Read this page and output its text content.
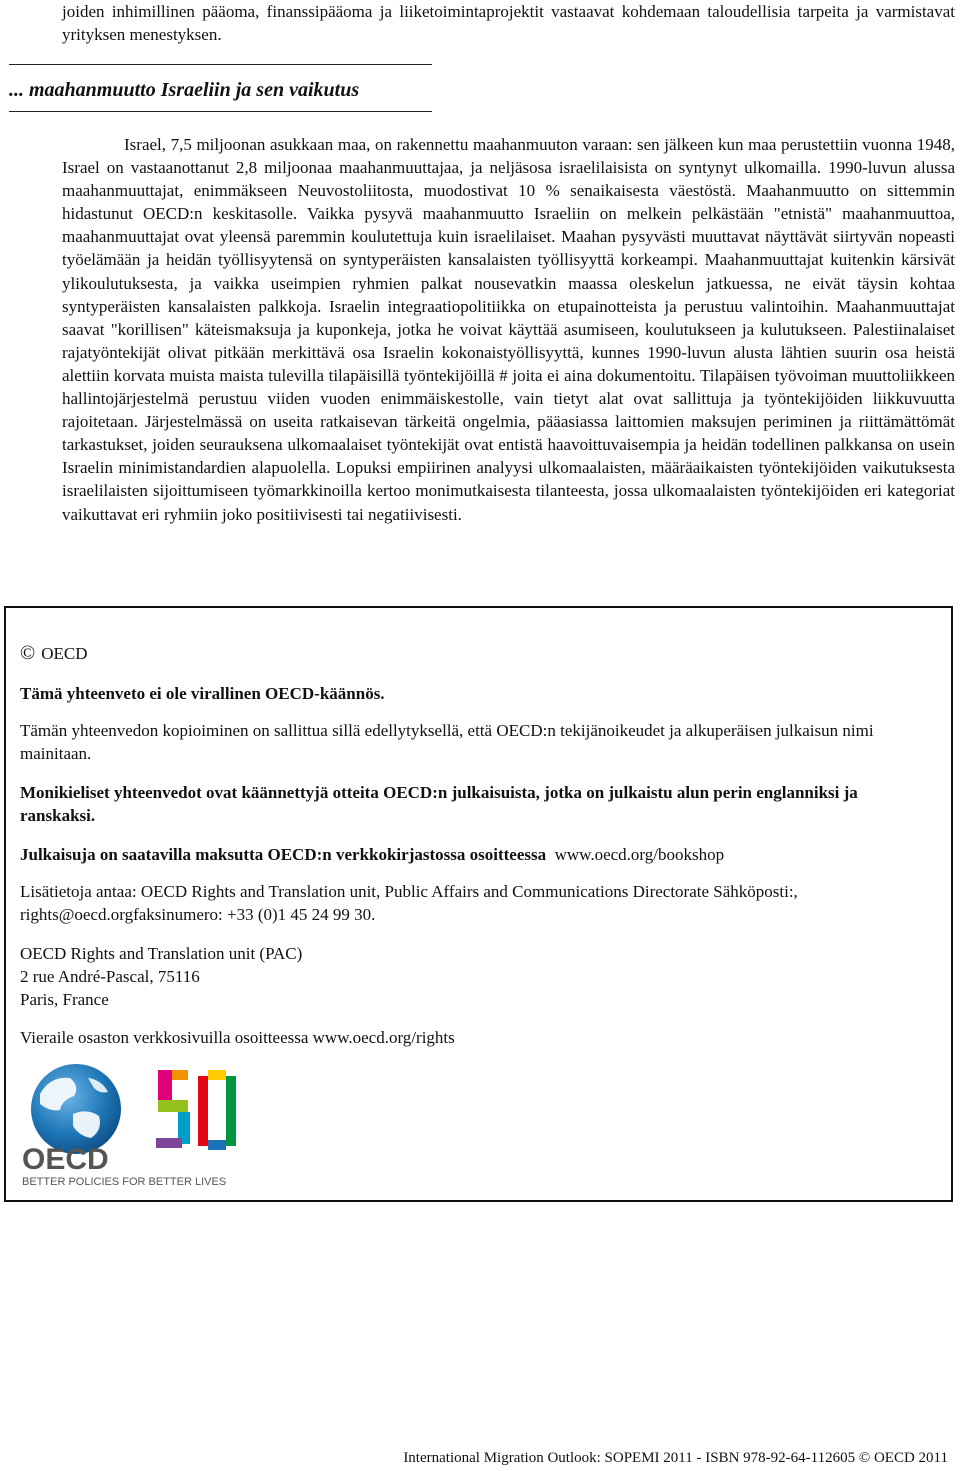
joiden inhimillinen pääoma, finanssipääoma ja liiketoimintaprojektit vastaavat kohdemaan taloudellisia tarpeita ja varmistavat yrityksen menestyksen.

... maahanmuutto Israeliin ja sen vaikutus

Israel, 7,5 miljoonan asukkaan maa, on rakennettu maahanmuuton varaan: sen jälkeen kun maa perustettiin vuonna 1948, Israel on vastaanottanut 2,8 miljoonaa maahanmuuttajaa, ja neljäsosa israelilaisista on syntynyt ulkomailla. 1990-luvun alussa maahanmuuttajat, enimmäkseen Neuvostoliitosta, muodostivat 10 % senaikaisesta väestöstä. Maahanmuutto on sittemmin hidastunut OECD:n keskitasolle. Vaikka pysyvä maahanmuutto Israeliin on melkein pelkästään "etnistä" maahanmuuttoa, maahanmuuttajat ovat yleensä paremmin koulutettuja kuin israelilaiset. Maahan pysyvästi muuttavat näyttävät siirtyvän nopeasti työelämään ja heidän työllisyytensä on syntyperäisten kansalaisten työllisyyttä korkeampi. Maahanmuuttajat kuitenkin kärsivät ylikoulutuksesta, ja vaikka useimpien ryhmien palkat nousevatkin maassa oleskelun jatkuessa, ne eivät täysin kohtaa syntyperäisten kansalaisten palkkoja. Israelin integraatiopolitiikka on etupainotteista ja perustuu valintoihin. Maahanmuuttajat saavat "korillisen" käteismaksuja ja kuponkeja, jotka he voivat käyttää asumiseen, koulutukseen ja kulutukseen. Palestiinalaiset rajatyöntekijät olivat pitkään merkittävä osa Israelin kokonaistyöllisyyttä, kunnes 1990-luvun alusta lähtien suurin osa heistä alettiin korvata muista maista tulevilla tilapäisillä työntekijöillä # joita ei aina dokumentoitu. Tilapäisen työvoiman muuttoliikkeen hallintojärjestelmä perustuu viiden vuoden enimmäiskestolle, vain tietyt alat ovat sallittuja ja työntekijöiden liikkuvuutta rajoitetaan. Järjestelmässä on useita ratkaisevan tärkeitä ongelmia, pääasiassa laittomien maksujen periminen ja riittämättömät tarkastukset, joiden seurauksena ulkomaalaiset työntekijät ovat entistä haavoittuvaisempia ja heidän todellinen palkkansa on usein Israelin minimistandardien alapuolella. Lopuksi empiirinen analyysi ulkomaalaisten, määräaikaisten työntekijöiden vaikutuksesta israelilaisten sijoittumiseen työmarkkinoilla kertoo monimutkaisesta tilanteesta, jossa ulkomaalaisten työntekijöiden eri kategoriat vaikuttavat eri ryhmiin joko positiivisesti tai negatiivisesti.

© OECD

Tämä yhteenveto ei ole virallinen OECD-käännös.

Tämän yhteenvedon kopioiminen on sallittua sillä edellytyksellä, että OECD:n tekijänoikeudet ja alkuperäisen julkaisun nimi mainitaan.

Monikieliset yhteenvedot ovat käännettyjä otteita OECD:n julkaisuista, jotka on julkaistu alun perin englanniksi ja ranskaksi.

Julkaisuja on saatavilla maksutta OECD:n verkkokirjastossa osoitteessa www.oecd.org/bookshop

Lisätietoja antaa: OECD Rights and Translation unit, Public Affairs and Communications Directorate Sähköposti:, rights@oecd.orgfaksinumero: +33 (0)1 45 24 99 30.

OECD Rights and Translation unit (PAC)

2 rue André-Pascal, 75116

Paris, France

Vieraile osaston verkkosivuilla osoitteessa www.oecd.org/rights

OECD
BETTER POLICIES FOR BETTER LIVES

International Migration Outlook: SOPEMI 2011 - ISBN 978-92-64-112605 © OECD 2011
